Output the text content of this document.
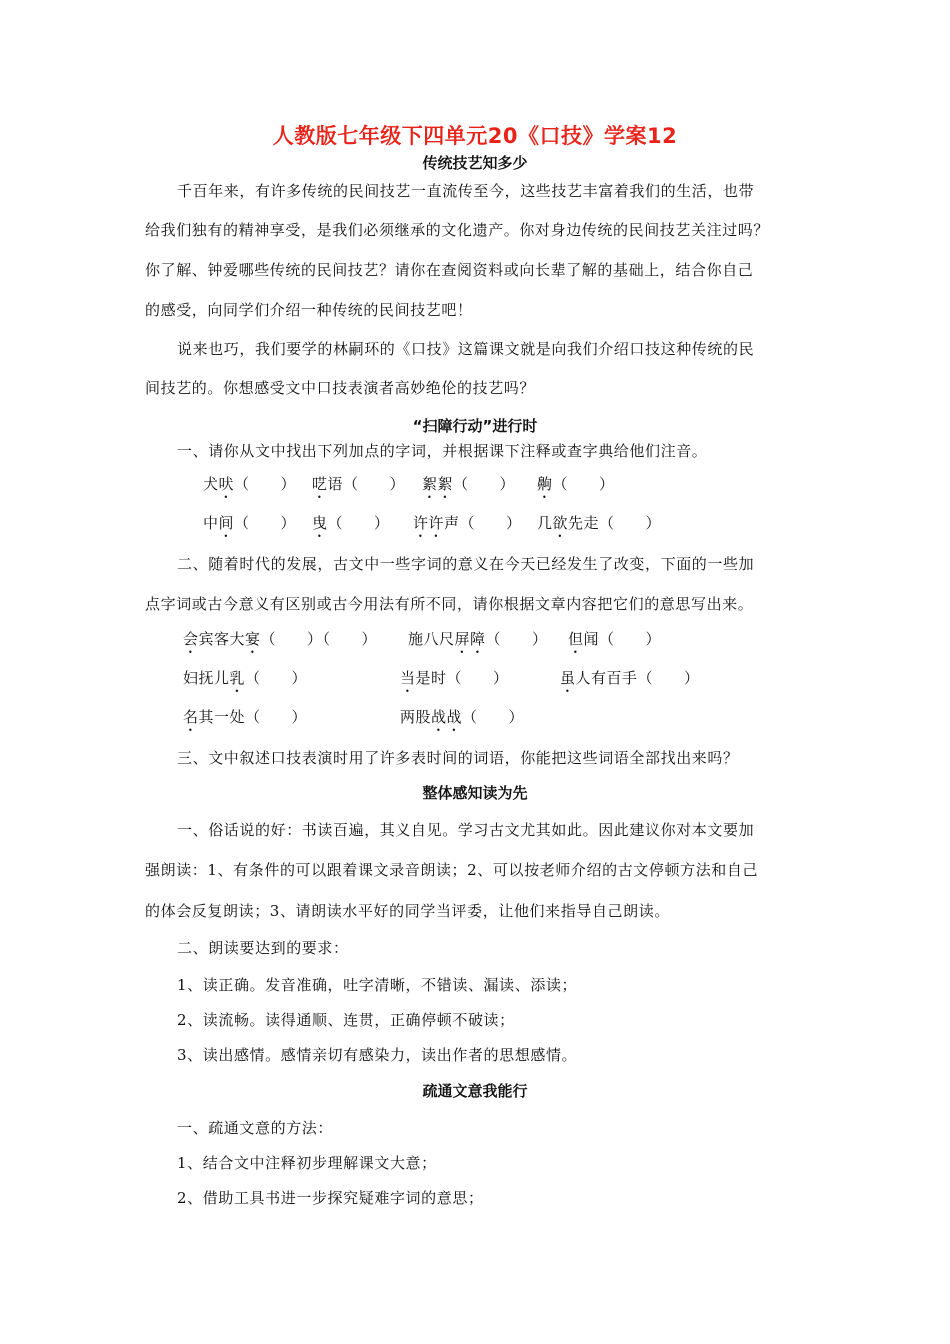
人教版七年级下四单元20《口技》学案12
传统技艺知多少
千百年来，有许多传统的民间技艺一直流传至今，这些技艺丰富着我们的生活，也带
给我们独有的精神享受，是我们必须继承的文化遗产。你对身边传统的民间技艺关注过吗？
你了解、钟爱哪些传统的民间技艺？请你在查阅资料或向长辈了解的基础上，结合你自己
的感受，向同学们介绍一种传统的民间技艺吧！
说来也巧，我们要学的林嗣环的《口技》这篇课文就是向我们介绍口技这种传统的民
间技艺的。你想感受文中口技表演者高妙绝伦的技艺吗？
“扫障行动”进行时
一、请你从文中找出下列加点的字词，并根据课下注释或查字典给他们注音。
犬吠（　　） 呓语（　　） 絮絮（　　） 齁（　　）
中间（　　） 曳（　　） 许许声（　　） 几欲先走（　　）
二、随着时代的发展，古文中一些字词的意义在今天已经发生了改变，下面的一些加
点字词或古今意义有区别或古今用法有所不同，请你根据文章内容把它们的意思写出来。
会宾客大宴（　　）（　　） 施八尺屏障（　　） 但闻（　　）
妇抚儿乳（　　）	当是时（　　）	虽人有百手（　　）
名其一处（　　）	两股战战（　　）
三、文中叙述口技表演时用了许多表时间的词语，你能把这些词语全部找出来吗？
整体感知读为先
一、俗话说的好：书读百遍，其义自见。学习古文尤其如此。因此建议你对本文要加
强朗读：1、有条件的可以跟着课文录音朗读；2、可以按老师介绍的古文停顿方法和自己
的体会反复朗读；3、请朗读水平好的同学当评委，让他们来指导自己朗读。
二、朗读要达到的要求：
1、读正确。发音准确，吐字清晰，不错读、漏读、添读；
2、读流畅。读得通顺、连贯，正确停顿不破读；
3、读出感情。感情亲切有感染力，读出作者的思想感情。
疏通文意我能行
一、疏通文意的方法：
1、结合文中注释初步理解课文大意；
2、借助工具书进一步探究疑难字词的意思；
